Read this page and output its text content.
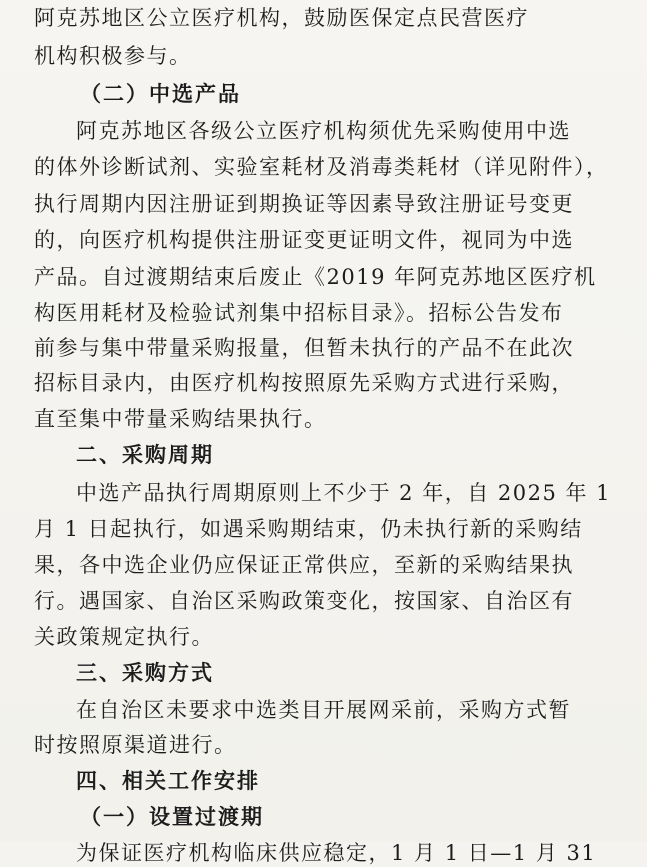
阿克苏地区公立医疗机构，鼓励医保定点民营医疗
机构积极参与。
（二）中选产品
阿克苏地区各级公立医疗机构须优先采购使用中选
的体外诊断试剂、实验室耗材及消毒类耗材（详见附件），
执行周期内因注册证到期换证等因素导致注册证号变更
的，向医疗机构提供注册证变更证明文件，视同为中选
产品。自过渡期结束后废止《2019 年阿克苏地区医疗机
构医用耗材及检验试剂集中招标目录》。招标公告发布
前参与集中带量采购报量，但暂未执行的产品不在此次
招标目录内，由医疗机构按照原先采购方式进行采购，
直至集中带量采购结果执行。
二、采购周期
中选产品执行周期原则上不少于 2 年，自 2025 年 1
月 1 日起执行，如遇采购期结束，仍未执行新的采购结
果，各中选企业仍应保证正常供应，至新的采购结果执
行。遇国家、自治区采购政策变化，按国家、自治区有
关政策规定执行。
三、采购方式
在自治区未要求中选类目开展网采前，采购方式暂
时按照原渠道进行。
四、相关工作安排
（一）设置过渡期
为保证医疗机构临床供应稳定，1 月 1 日—1 月 31
